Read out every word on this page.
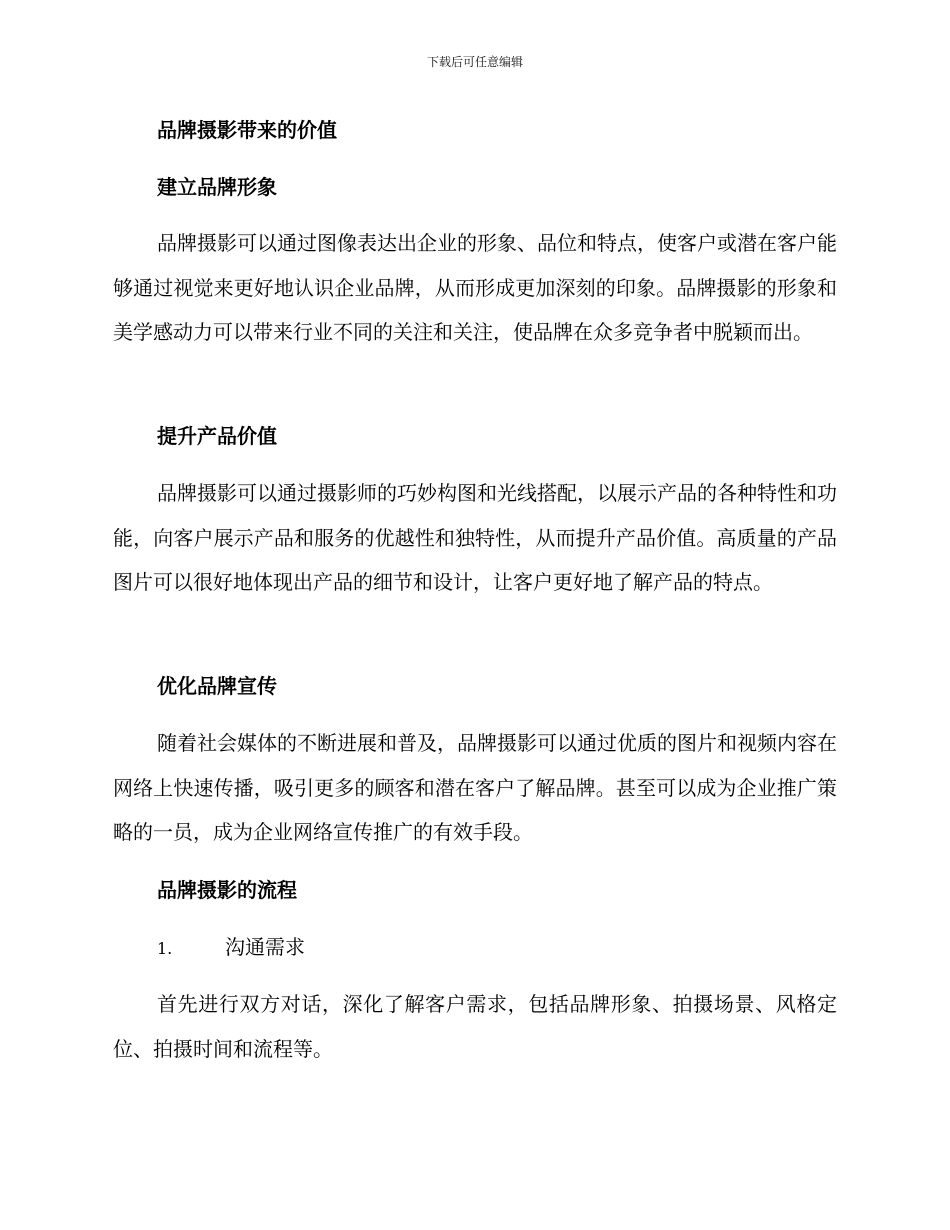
下载后可任意编辑
品牌摄影带来的价值
建立品牌形象
品牌摄影可以通过图像表达出企业的形象、品位和特点，使客户或潜在客户能够通过视觉来更好地认识企业品牌，从而形成更加深刻的印象。品牌摄影的形象和美学感动力可以带来行业不同的关注和关注，使品牌在众多竞争者中脱颖而出。
提升产品价值
品牌摄影可以通过摄影师的巧妙构图和光线搭配，以展示产品的各种特性和功能，向客户展示产品和服务的优越性和独特性，从而提升产品价值。高质量的产品图片可以很好地体现出产品的细节和设计，让客户更好地了解产品的特点。
优化品牌宣传
随着社会媒体的不断进展和普及，品牌摄影可以通过优质的图片和视频内容在网络上快速传播，吸引更多的顾客和潜在客户了解品牌。甚至可以成为企业推广策略的一员，成为企业网络宣传推广的有效手段。
品牌摄影的流程
1.	沟通需求
首先进行双方对话，深化了解客户需求，包括品牌形象、拍摄场景、风格定位、拍摄时间和流程等。
